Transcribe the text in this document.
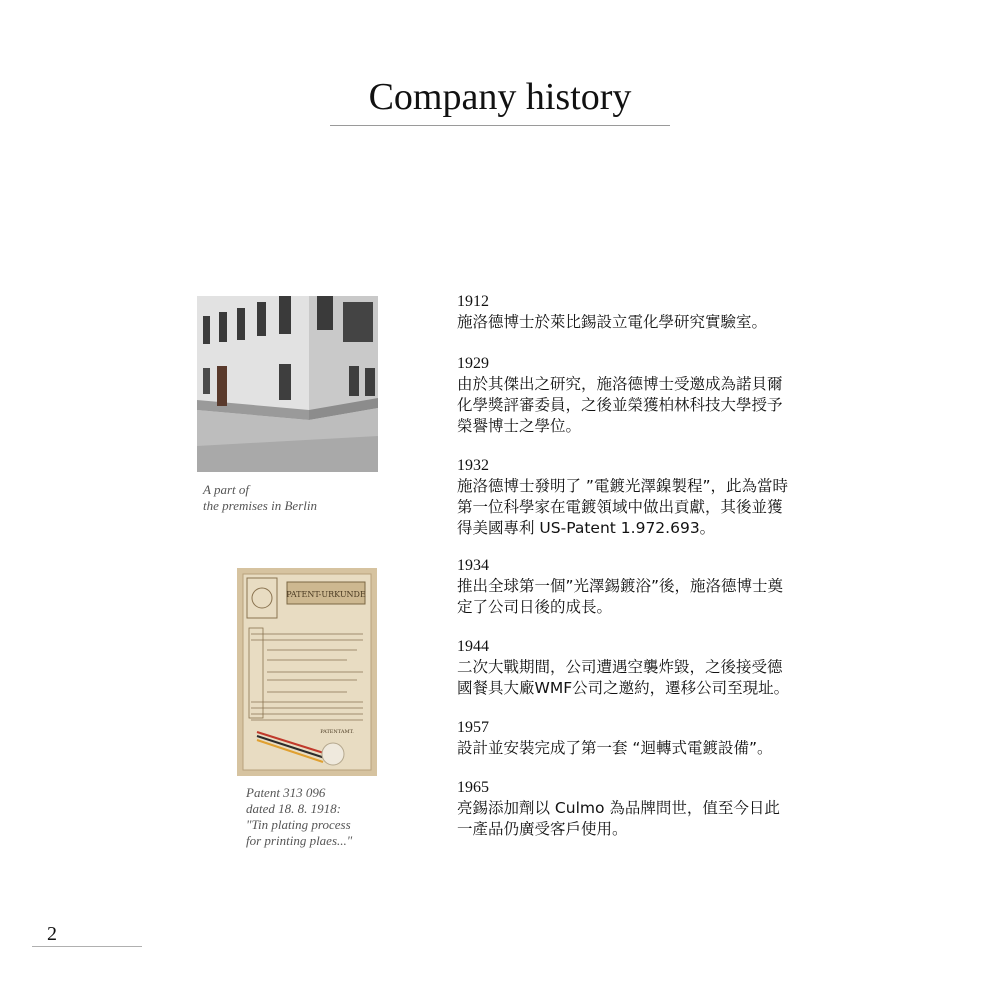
Company history
A part of
the premises in Berlin
PATENT-URKUNDE
PATENTAMT.
Patent 313 096
dated 18. 8. 1918:
"Tin plating process
for printing plaes..."
1912
施洛德博士於萊比錫設立電化學研究實驗室。
1929
由於其傑出之研究，施洛德博士受邀成為諾貝爾
化學獎評審委員，之後並榮獲柏林科技大學授予
榮譽博士之學位。
1932
施洛德博士發明了 ”電鍍光澤鎳製程”，此為當時
第一位科學家在電鍍領域中做出貢獻，其後並獲
得美國專利 US-Patent 1.972.693。
1934
推出全球第一個”光澤錫鍍浴”後，施洛德博士奠
定了公司日後的成長。
1944
二次大戰期間，公司遭遇空襲炸毀，之後接受德
國餐具大廠WMF公司之邀約，遷移公司至現址。
1957
設計並安裝完成了第一套 “迴轉式電鍍設備”。
1965
亮錫添加劑以 Culmo 為品牌問世，值至今日此
一產品仍廣受客戶使用。
2
